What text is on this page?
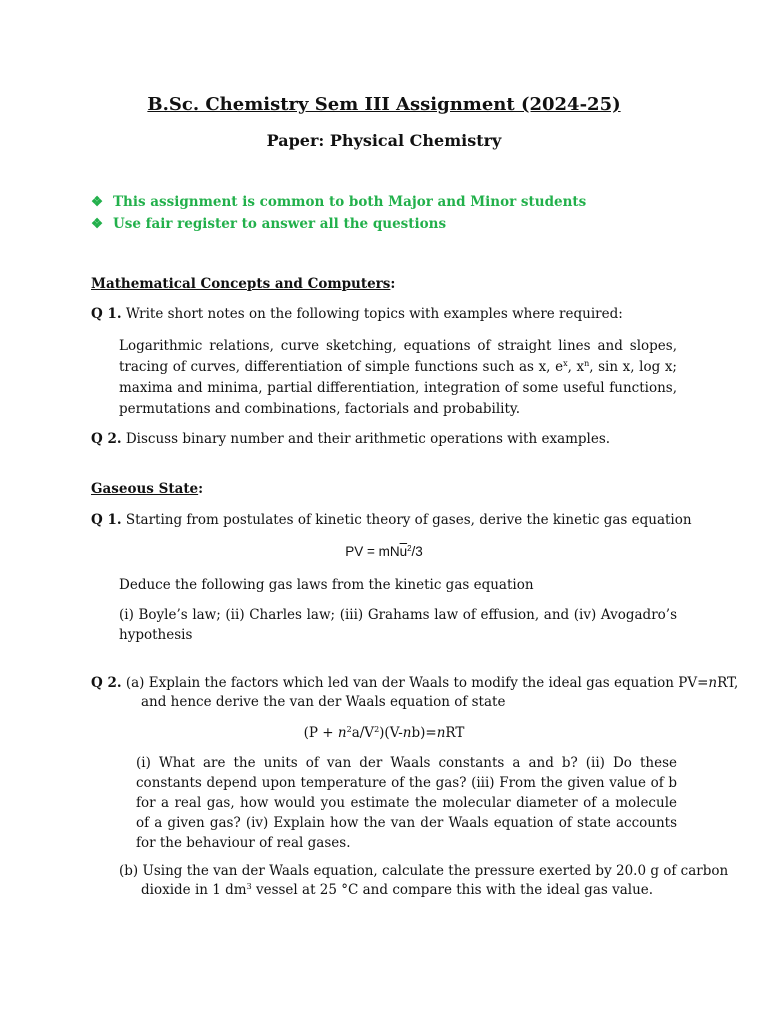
B.Sc. Chemistry Sem III Assignment (2024-25)
Paper: Physical Chemistry
❖ This assignment is common to both Major and Minor students
❖ Use fair register to answer all the questions
Mathematical Concepts and Computers:
Q 1. Write short notes on the following topics with examples where required:
Logarithmic relations, curve sketching, equations of straight lines and slopes, tracing of curves, differentiation of simple functions such as x, $e^x$, $x^n$, sin x, log x; maxima and minima, partial differentiation, integration of some useful functions, permutations and combinations, factorials and probability.
Q 2. Discuss binary number and their arithmetic operations with examples.
Gaseous State:
Q 1. Starting from postulates of kinetic theory of gases, derive the kinetic gas equation
PV = $mN\overline{u}^2/3$
Deduce the following gas laws from the kinetic gas equation
(i) Boyle’s law; (ii) Charles law; (iii) Grahams law of effusion, and (iv) Avogadro’s hypothesis
Q 2. (a) Explain the factors which led van der Waals to modify the ideal gas equation PV=nRT,
and hence derive the van der Waals equation of state
$(P + n^2a/V^2)(V-nb)=nRT$
(i) What are the units of van der Waals constants a and b? (ii) Do these constants depend upon temperature of the gas? (iii) From the given value of b for a real gas, how would you estimate the molecular diameter of a molecule of a given gas? (iv) Explain how the van der Waals equation of state accounts for the behaviour of real gases.
(b) Using the van der Waals equation, calculate the pressure exerted by 20.0 g of carbon
dioxide in 1 $dm^3$ vessel at 25 °C and compare this with the ideal gas value.
